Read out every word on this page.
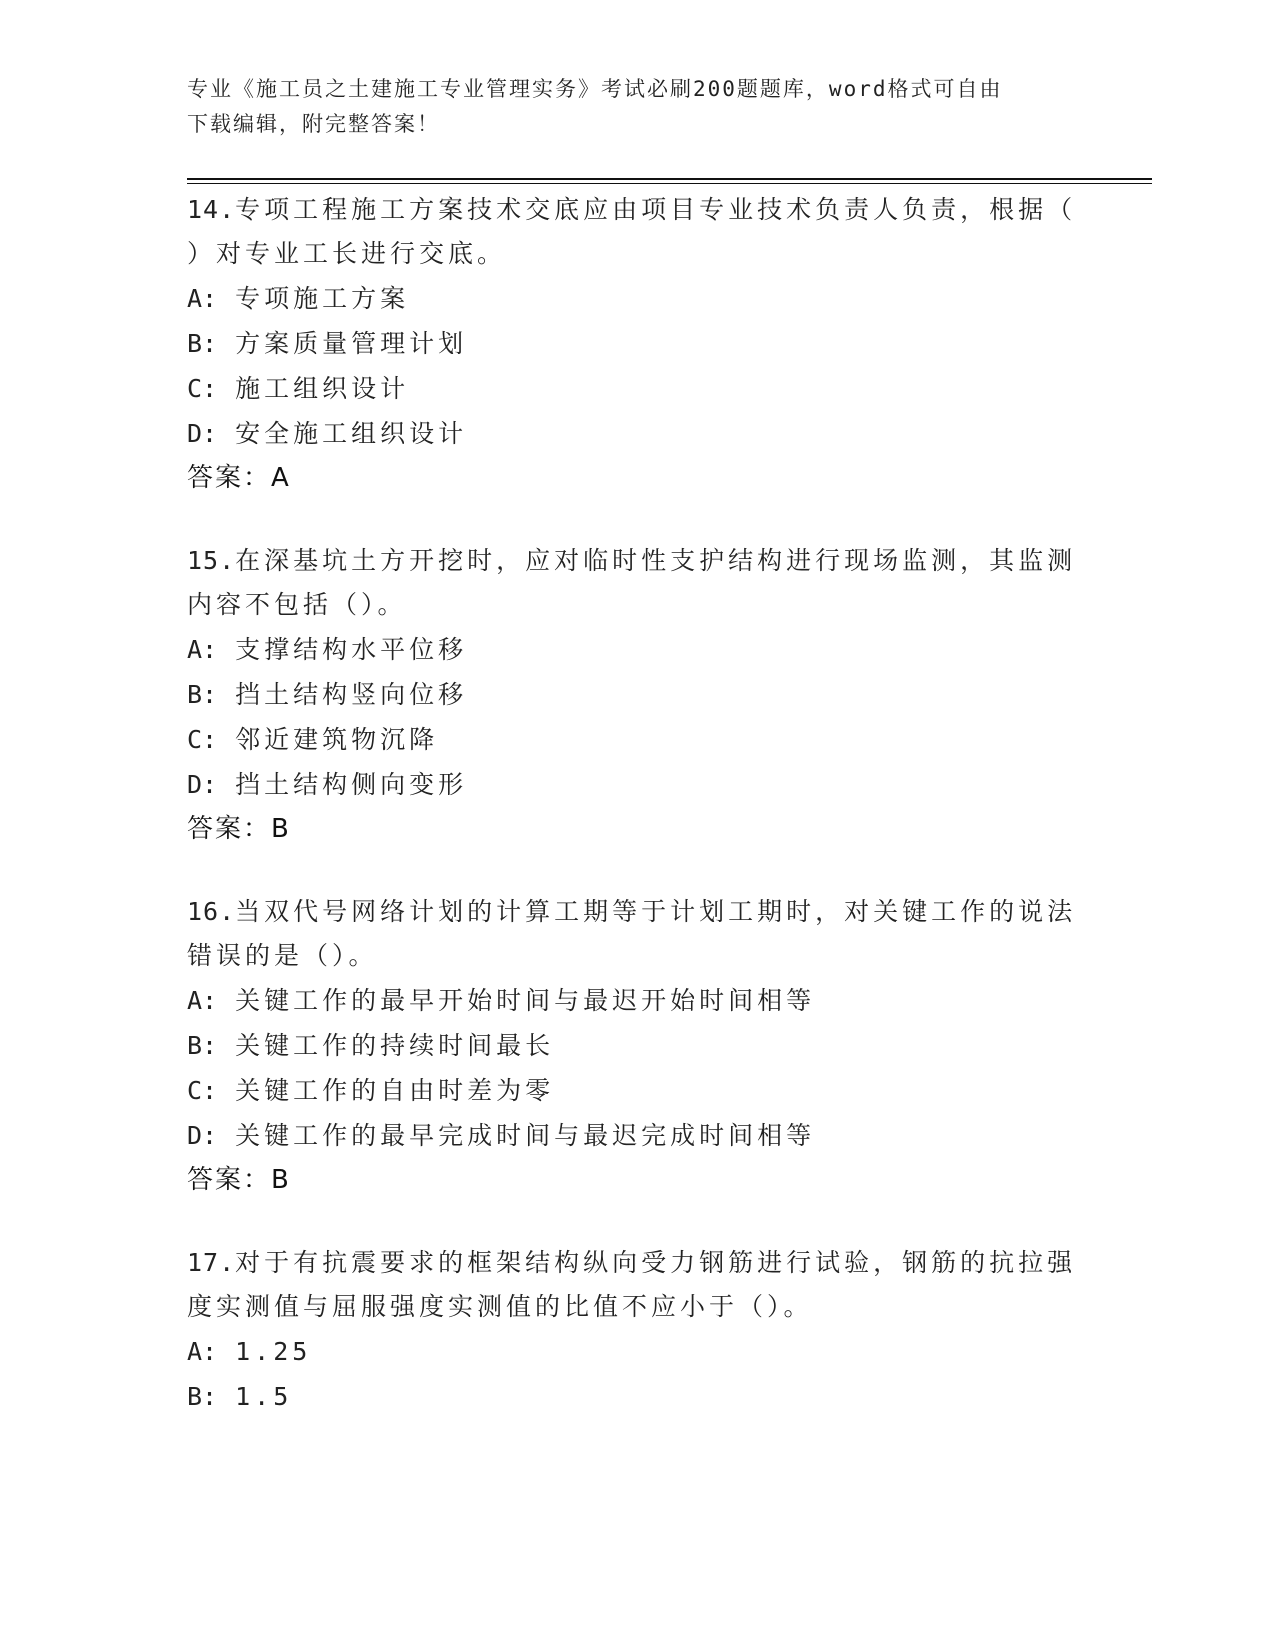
专业《施工员之土建施工专业管理实务》考试必刷200题题库，word格式可自由
下载编辑，附完整答案！

14.专项工程施工方案技术交底应由项目专业技术负责人负责，根据（
）对专业工长进行交底。

A: 专项施工方案

B: 方案质量管理计划

C: 施工组织设计

D: 安全施工组织设计

答案：A

15.在深基坑土方开挖时，应对临时性支护结构进行现场监测，其监测
内容不包括（）。

A: 支撑结构水平位移

B: 挡土结构竖向位移

C: 邻近建筑物沉降

D: 挡土结构侧向变形

答案：B

16.当双代号网络计划的计算工期等于计划工期时，对关键工作的说法
错误的是（）。

A: 关键工作的最早开始时间与最迟开始时间相等

B: 关键工作的持续时间最长

C: 关键工作的自由时差为零

D: 关键工作的最早完成时间与最迟完成时间相等

答案：B

17.对于有抗震要求的框架结构纵向受力钢筋进行试验，钢筋的抗拉强
度实测值与屈服强度实测值的比值不应小于（）。

A: 1.25

B: 1.5
